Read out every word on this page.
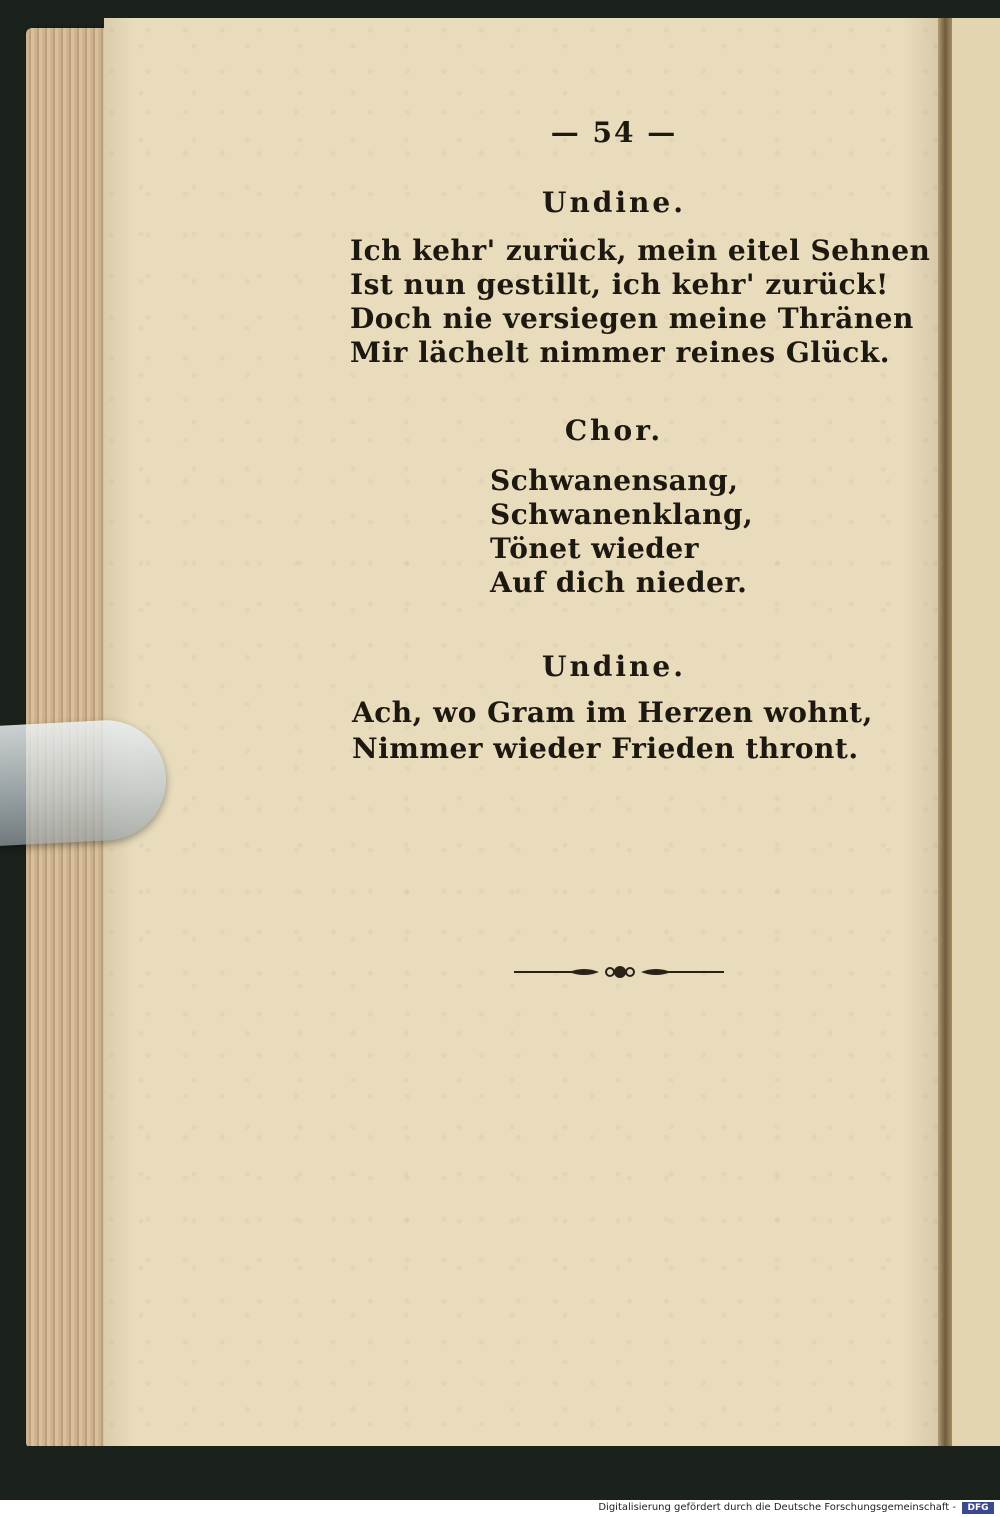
— 54 —
Undine.
Ich kehr' zurück, mein eitel Sehnen
Ist nun gestillt, ich kehr' zurück!
Doch nie versiegen meine Thränen
Mir lächelt nimmer reines Glück.
Chor.
Schwanensang,
Schwanenklang,
Tönet wieder
Auf dich nieder.
Undine.
Ach, wo Gram im Herzen wohnt,
Nimmer wieder Frieden thront.
Digitalisierung gefördert durch die Deutsche Forschungsgemeinschaft -	DFG
